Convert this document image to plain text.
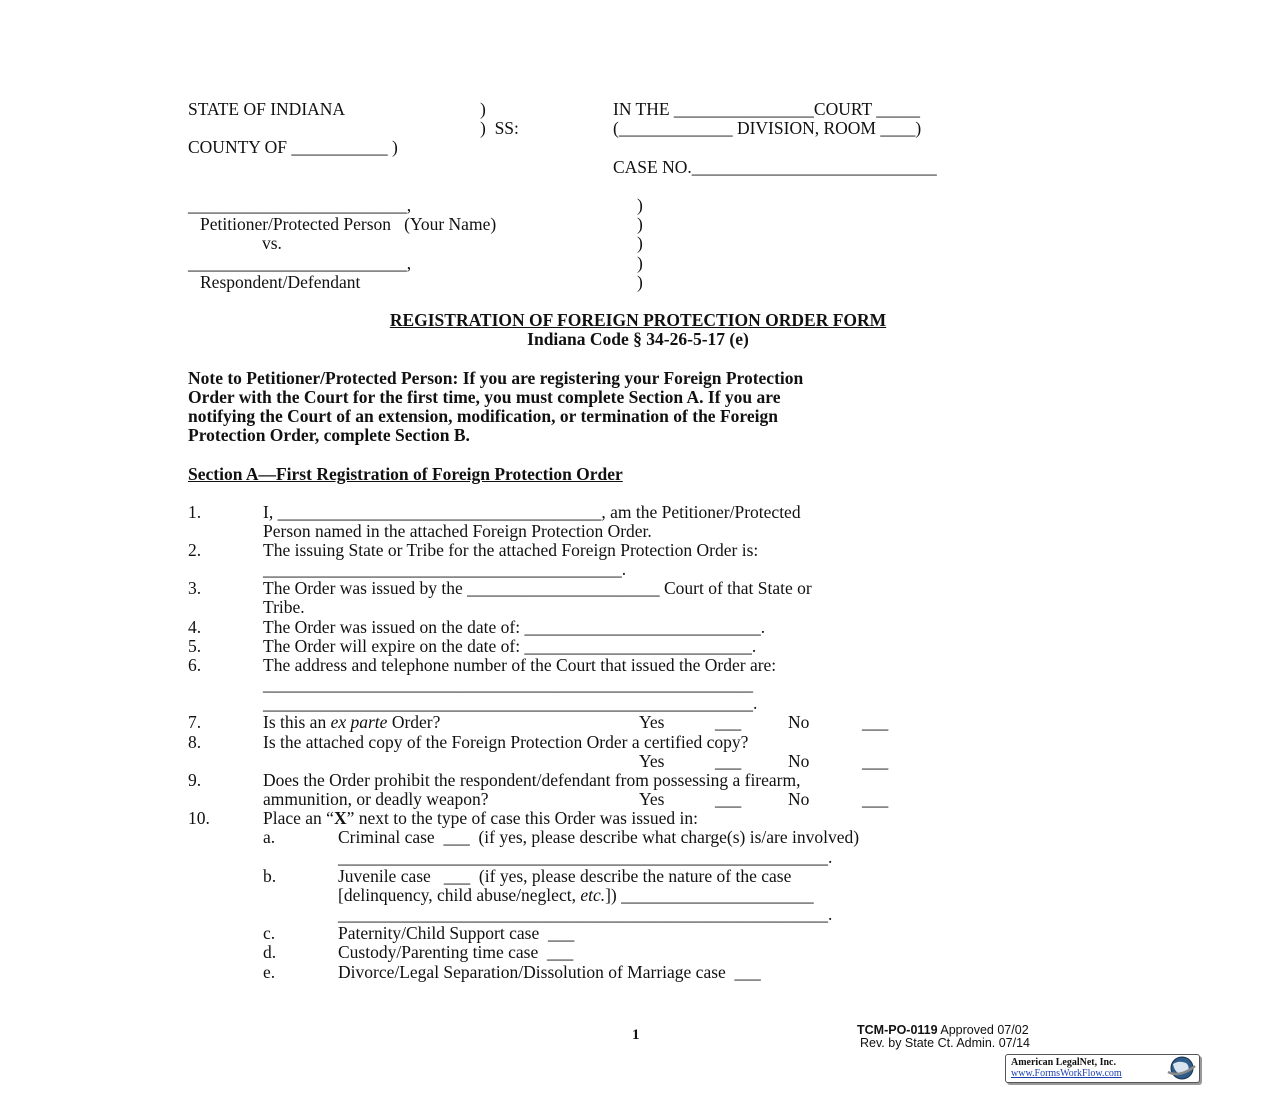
STATE OF INDIANA	)
)  SS:
COUNTY OF ___________ )
IN THE ________________COURT _____
(_____________ DIVISION, ROOM ____)
CASE NO.____________________________
_________________________,
Petitioner/Protected Person   (Your Name)
vs.
_________________________,
Respondent/Defendant
)
)
)
)
)
REGISTRATION OF FOREIGN PROTECTION ORDER FORM
Indiana Code § 34-26-5-17 (e)
Note to Petitioner/Protected Person: If you are registering your Foreign Protection
Order with the Court for the first time, you must complete Section A. If you are
notifying the Court of an extension, modification, or termination of the Foreign
Protection Order, complete Section B.
Section A—First Registration of Foreign Protection Order
1.	I, _____________________________________, am the Petitioner/Protected
Person named in the attached Foreign Protection Order.
2.	The issuing State or Tribe for the attached Foreign Protection Order is:
_________________________________________.
3.	The Order was issued by the ______________________ Court of that State or
Tribe.
4.	The Order was issued on the date of: ___________________________.
5.	The Order will expire on the date of: __________________________.
6.	The address and telephone number of the Court that issued the Order are:
________________________________________________________
________________________________________________________.
7.	Is this an ex parte Order?	Yes	___	No	___
8.	Is the attached copy of the Foreign Protection Order a certified copy?
Yes	___	No	___
9.	Does the Order prohibit the respondent/defendant from possessing a firearm,
ammunition, or deadly weapon?	Yes	___	No	___
10.	Place an “X” next to the type of case this Order was issued in:
a.	Criminal case  ___  (if yes, please describe what charge(s) is/are involved)
________________________________________________________.
b.	Juvenile case   ___  (if yes, please describe the nature of the case
[delinquency, child abuse/neglect, etc.]) ______________________
________________________________________________________.
c.	Paternity/Child Support case  ___
d.	Custody/Parenting time case  ___
e.	Divorce/Legal Separation/Dissolution of Marriage case  ___
1	TCM-PO-0119 Approved 07/02
Rev. by State Ct. Admin. 07/14
American LegalNet, Inc.
www.FormsWorkFlow.com
